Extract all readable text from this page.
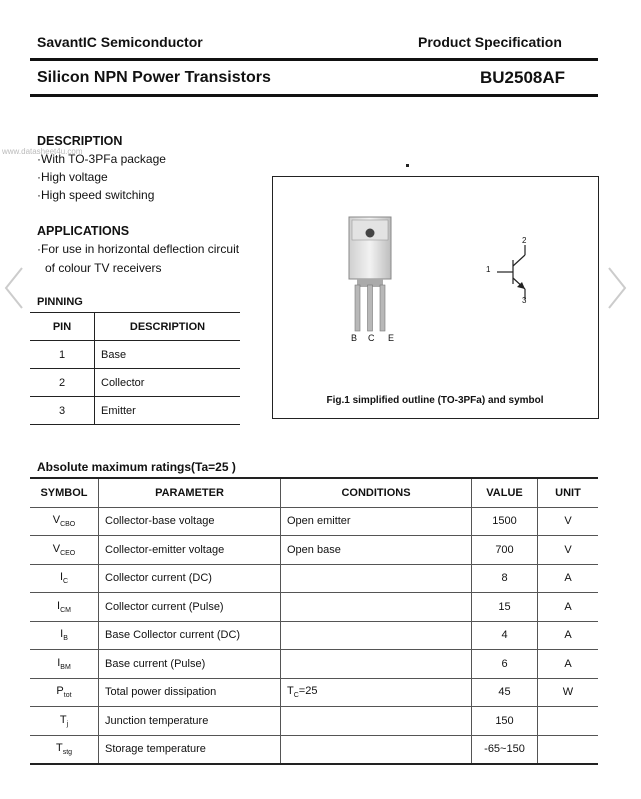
SavantIC Semiconductor	Product Specification
Silicon NPN Power Transistors	BU2508AF
www.datasheet4u.com
DESCRIPTION
·With TO-3PFa package
·High voltage
·High speed switching
APPLICATIONS
·For use in horizontal deflection circuit
of colour TV receivers
PINNING
PIN	DESCRIPTION
1	Base
2	Collector
3	Emitter
B C E
1
2
3
Fig.1 simplified outline (TO-3PFa) and symbol
Absolute maximum ratings(Ta=25 )
SYMBOL	PARAMETER	CONDITIONS	VALUE	UNIT
$V_{CBO}$	Collector-base voltage	Open emitter	1500	V
$V_{CEO}$	Collector-emitter voltage	Open base	700	V
$I_C$	Collector current (DC)		8	A
$I_{CM}$	Collector current (Pulse)		15	A
$I_B$	Base Collector current (DC)		4	A
$I_{BM}$	Base current (Pulse)		6	A
$P_{tot}$	Total power dissipation	$T_C=25$	45	W
$T_j$	Junction temperature		150	
$T_{stg}$	Storage temperature		-65~150	
